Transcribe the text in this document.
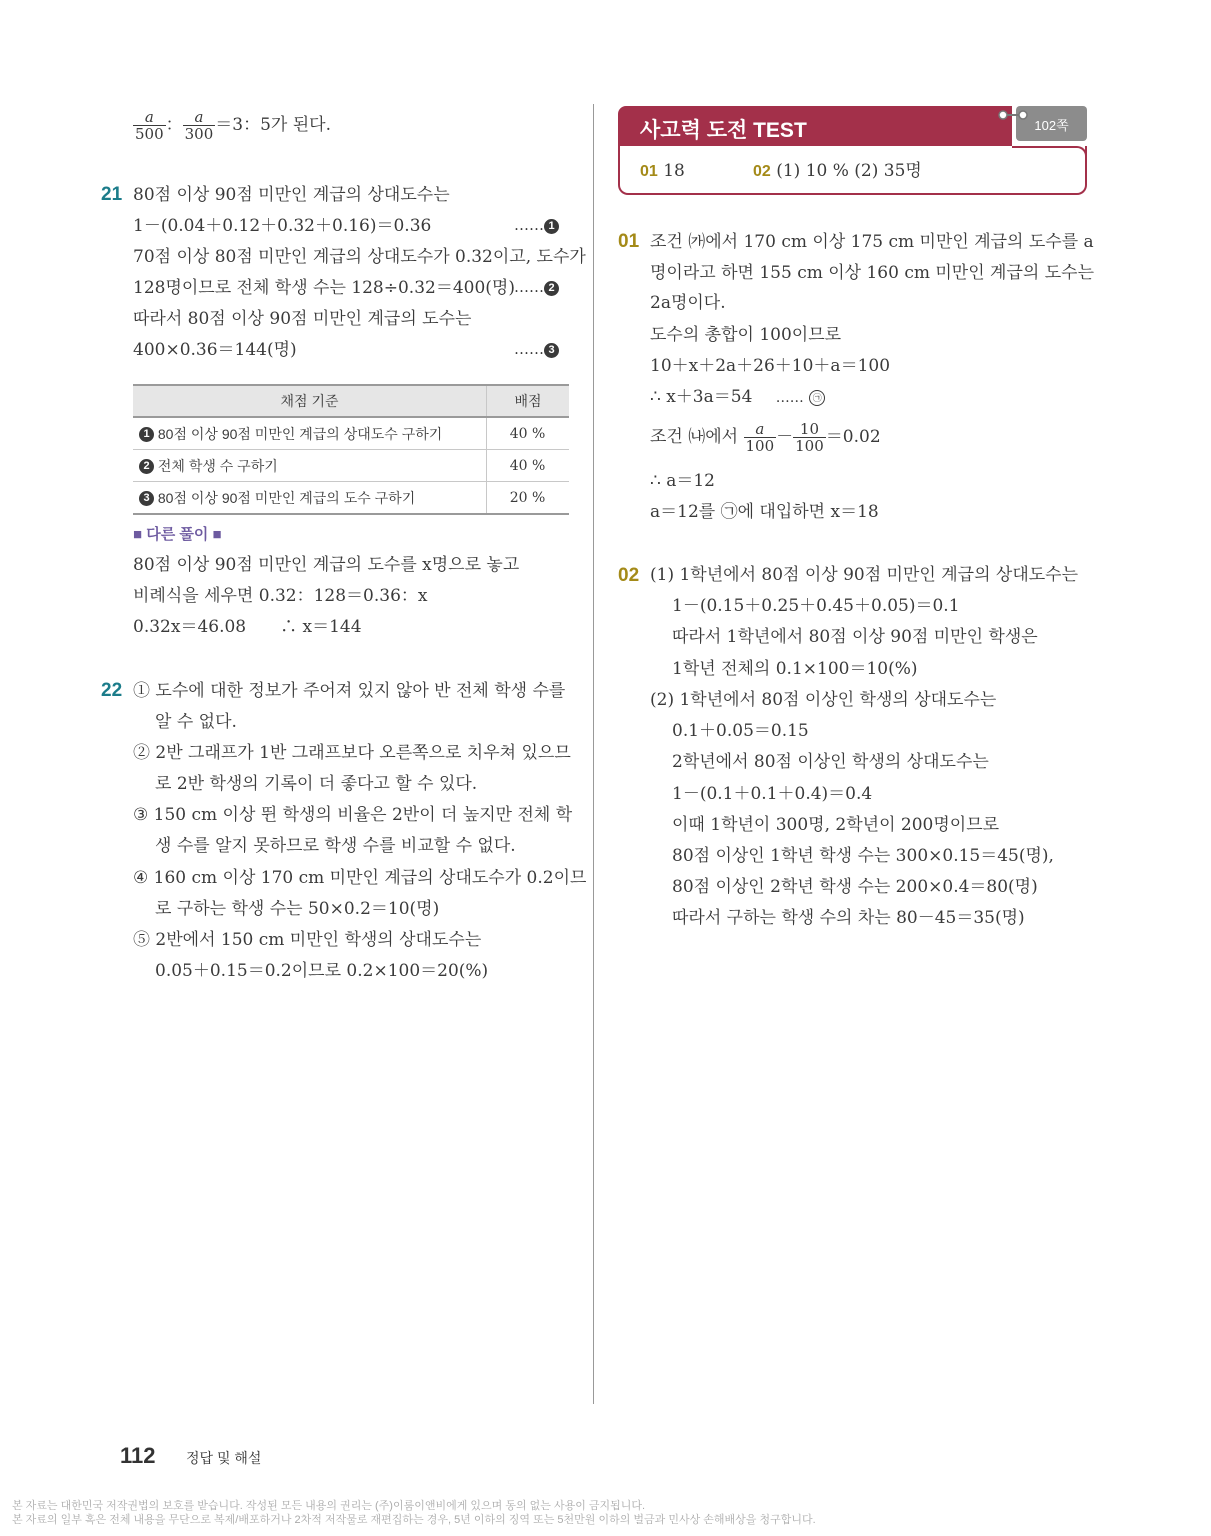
$\frac{a}{500}$ ： $\frac{a}{300} =3$：5가 된다.
21 80점 이상 90점 미만인 계급의 상대도수는
1－(0.04＋0.12＋0.32＋0.16)＝0.36	…… 1
70점 이상 80점 미만인 계급의 상대도수가 0.32이고, 도수가
128명이므로 전체 학생 수는 128÷0.32＝400(명) …… 2
따라서 80점 이상 90점 미만인 계급의 도수는
400×0.36＝144(명)	…… 3
채점 기준	배점
1 80점 이상 90점 미만인 계급의 상대도수 구하기	40 %
2 전체 학생 수 구하기	40 %
3 80점 이상 90점 미만인 계급의 도수 구하기	20 %
■ 다른 풀이 ■
80점 이상 90점 미만인 계급의 도수를 x명으로 놓고
비례식을 세우면 0.32：128＝0.36：x
0.32x＝46.08　　∴ x＝144
22 ① 도수에 대한 정보가 주어져 있지 않아 반 전체 학생 수를
알 수 없다.
② 2반 그래프가 1반 그래프보다 오른쪽으로 치우쳐 있으므
로 2반 학생의 기록이 더 좋다고 할 수 있다.
③ 150 cm 이상 뛴 학생의 비율은 2반이 더 높지만 전체 학
생 수를 알지 못하므로 학생 수를 비교할 수 없다.
④ 160 cm 이상 170 cm 미만인 계급의 상대도수가 0.2이므
로 구하는 학생 수는 50×0.2＝10(명)
⑤ 2반에서 150 cm 미만인 학생의 상대도수는
0.05＋0.15＝0.2이므로 0.2×100＝20(%)
사고력 도전 TEST	102쪽
01 18	02 (1) 10 % (2) 35명
01 조건 ㈎에서 170 cm 이상 175 cm 미만인 계급의 도수를 a
명이라고 하면 155 cm 이상 160 cm 미만인 계급의 도수는
2a명이다.
도수의 총합이 100이므로
10＋x＋2a＋26＋10＋a＝100
∴ x＋3a＝54 …… ㉠
조건 ㈏에서 $\frac{a}{100} - \frac{10}{100} =0.02$
∴ a＝12
a＝12를 ㉠에 대입하면 x＝18
02 (1) 1학년에서 80점 이상 90점 미만인 계급의 상대도수는
1－(0.15＋0.25＋0.45＋0.05)＝0.1
따라서 1학년에서 80점 이상 90점 미만인 학생은
1학년 전체의 0.1×100＝10(%)
(2) 1학년에서 80점 이상인 학생의 상대도수는
0.1＋0.05＝0.15
2학년에서 80점 이상인 학생의 상대도수는
1－(0.1＋0.1＋0.4)＝0.4
이때 1학년이 300명, 2학년이 200명이므로
80점 이상인 1학년 학생 수는 300×0.15＝45(명),
80점 이상인 2학년 학생 수는 200×0.4＝80(명)
따라서 구하는 학생 수의 차는 80－45＝35(명)
112 정답 및 해설
본 자료는 대한민국 저작권법의 보호를 받습니다. 작성된 모든 내용의 권리는 (주)이룸이앤비에게 있으며 동의 없는 사용이 금지됩니다.
본 자료의 일부 혹은 전체 내용을 무단으로 복제/배포하거나 2차적 저작물로 재편집하는 경우, 5년 이하의 징역 또는 5천만원 이하의 벌금과 민사상 손해배상을 청구합니다.
